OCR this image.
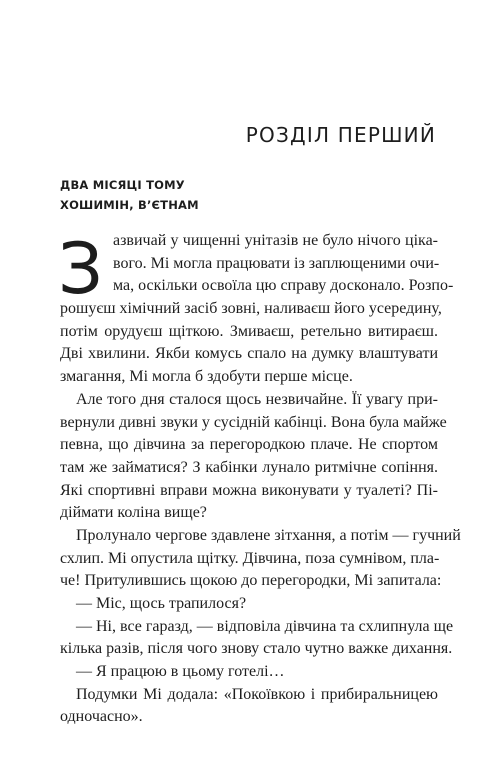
РОЗДІЛ ПЕРШИЙ
ДВА МІСЯЦІ ТОМУ
ХОШИМІН, В’ЄТНАМ
З азвичай у чищенні унітазів не було нічого ціка-
вого. Мі могла працювати із заплющеними очи-
ма, оскільки освоїла цю справу досконало. Розпо-
рошуєш хімічний засіб зовні, наливаєш його усередину,
потім орудуєш щіткою. Змиваєш, ретельно витираєш.
Дві хвилини. Якби комусь спало на думку влаштувати
змагання, Мі могла б здобути перше місце.
Але того дня сталося щось незвичайне. Її увагу при-
вернули дивні звуки у сусідній кабінці. Вона була майже
певна, що дівчина за перегородкою плаче. Не спортом
там же займатися? З кабінки лунало ритмічне сопіння.
Які спортивні вправи можна виконувати у туалеті? Пі-
діймати коліна вище?
Пролунало чергове здавлене зітхання, а потім — гучний
схлип. Мі опустила щітку. Дівчина, поза сумнівом, пла-
че! Притулившись щокою до перегородки, Мі запитала:
— Міс, щось трапилося?
— Ні, все гаразд, — відповіла дівчина та схлипнула ще
кілька разів, після чого знову стало чутно важке дихання.
— Я працюю в цьому готелі…
Подумки Мі додала: «Покоївкою і прибиральницею
одночасно».
